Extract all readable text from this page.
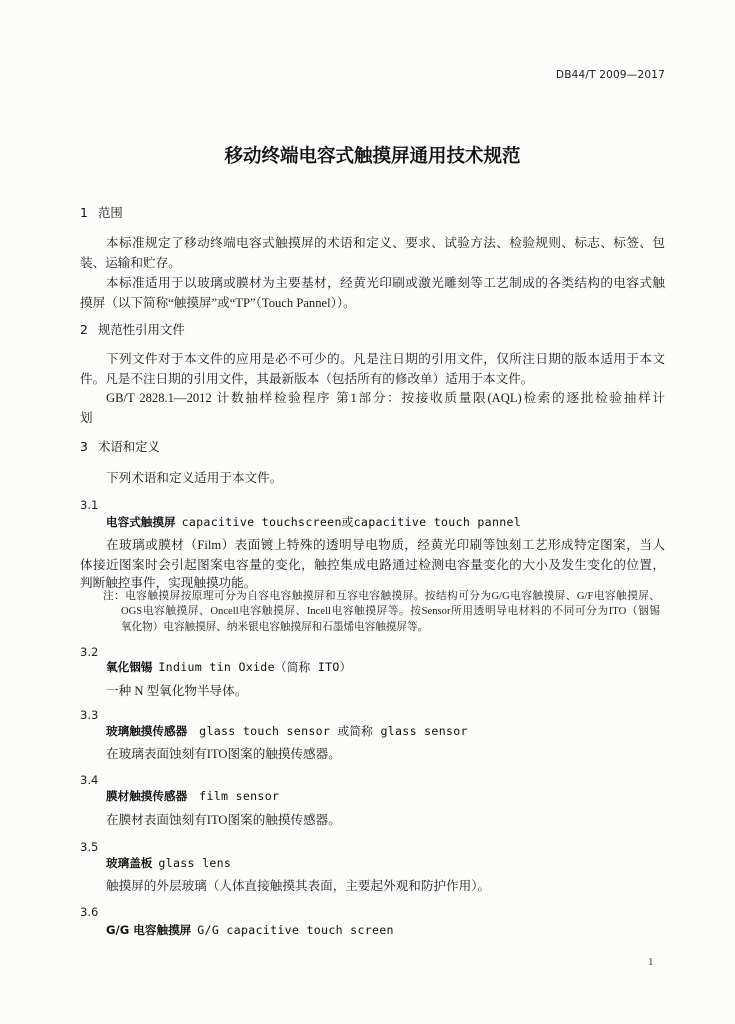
DB44/T 2009—2017
移动终端电容式触摸屏通用技术规范
1 范围
本标准规定了移动终端电容式触摸屏的术语和定义、要求、试验方法、检验规则、标志、标签、包
装、运输和贮存。
本标准适用于以玻璃或膜材为主要基材，经黄光印刷或激光雕刻等工艺制成的各类结构的电容式触
摸屏（以下简称“触摸屏”或“TP”（Touch Pannel））。
2 规范性引用文件
下列文件对于本文件的应用是必不可少的。凡是注日期的引用文件，仅所注日期的版本适用于本文
件。凡是不注日期的引用文件，其最新版本（包括所有的修改单）适用于本文件。
GB/T 2828.1—2012 计数抽样检验程序 第1部分：按接收质量限(AQL)检索的逐批检验抽样计
划
3 术语和定义
下列术语和定义适用于本文件。
3.1
电容式触摸屏 capacitive touchscreen或capacitive touch pannel
在玻璃或膜材（Film）表面镀上特殊的透明导电物质，经黄光印刷等蚀刻工艺形成特定图案，当人
体接近图案时会引起图案电容量的变化，触控集成电路通过检测电容量变化的大小及发生变化的位置，
判断触控事件，实现触摸功能。
注：电容触摸屏按原理可分为自容电容触摸屏和互容电容触摸屏。按结构可分为G/G电容触摸屏、G/F电容触摸屏、
OGS电容触摸屏、Oncell电容触摸屏、Incell电容触摸屏等。按Sensor所用透明导电材料的不同可分为ITO（铟锡
氧化物）电容触摸屏、纳米银电容触摸屏和石墨烯电容触摸屏等。
3.2
氧化铟锡 Indium tin Oxide（简称 ITO）
一种 N 型氧化物半导体。
3.3
玻璃触摸传感器 glass touch sensor 或简称 glass sensor
在玻璃表面蚀刻有ITO图案的触摸传感器。
3.4
膜材触摸传感器 film sensor
在膜材表面蚀刻有ITO图案的触摸传感器。
3.5
玻璃盖板 glass lens
触摸屏的外层玻璃（人体直接触摸其表面，主要起外观和防护作用）。
3.6
G/G 电容触摸屏 G/G capacitive touch screen
1
